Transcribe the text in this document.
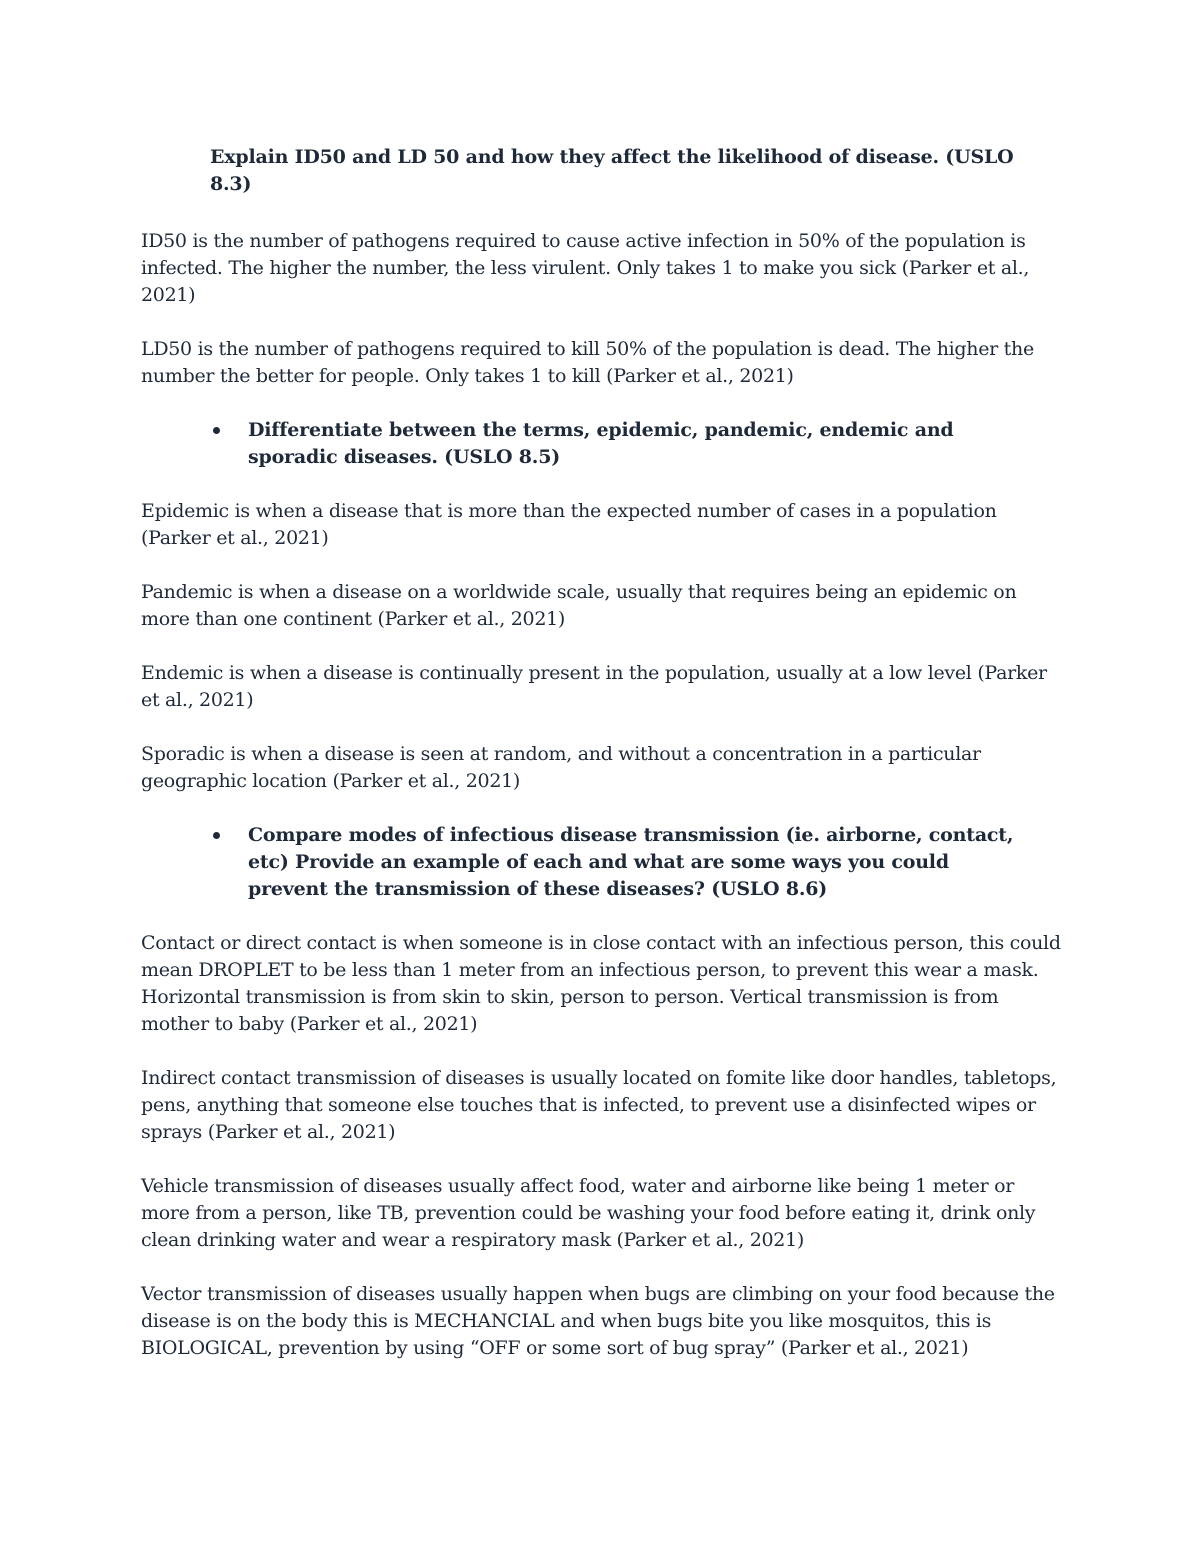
Explain ID50 and LD 50 and how they affect the likelihood of disease. (USLO 8.3)

ID50 is the number of pathogens required to cause active infection in 50% of the population is infected. The higher the number, the less virulent. Only takes 1 to make you sick (Parker et al., 2021)

LD50 is the number of pathogens required to kill 50% of the population is dead. The higher the number the better for people. Only takes 1 to kill (Parker et al., 2021)

Differentiate between the terms, epidemic, pandemic, endemic and sporadic diseases. (USLO 8.5)

Epidemic is when a disease that is more than the expected number of cases in a population (Parker et al., 2021)

Pandemic is when a disease on a worldwide scale, usually that requires being an epidemic on more than one continent (Parker et al., 2021)

Endemic is when a disease is continually present in the population, usually at a low level (Parker et al., 2021)

Sporadic is when a disease is seen at random, and without a concentration in a particular geographic location (Parker et al., 2021)

Compare modes of infectious disease transmission (ie. airborne, contact, etc) Provide an example of each and what are some ways you could prevent the transmission of these diseases? (USLO 8.6)

Contact or direct contact is when someone is in close contact with an infectious person, this could mean DROPLET to be less than 1 meter from an infectious person, to prevent this wear a mask. Horizontal transmission is from skin to skin, person to person. Vertical transmission is from mother to baby (Parker et al., 2021)

Indirect contact transmission of diseases is usually located on fomite like door handles, tabletops, pens, anything that someone else touches that is infected, to prevent use a disinfected wipes or sprays (Parker et al., 2021)

Vehicle transmission of diseases usually affect food, water and airborne like being 1 meter or more from a person, like TB, prevention could be washing your food before eating it, drink only clean drinking water and wear a respiratory mask (Parker et al., 2021)

Vector transmission of diseases usually happen when bugs are climbing on your food because the disease is on the body this is MECHANCIAL and when bugs bite you like mosquitos, this is BIOLOGICAL, prevention by using “OFF or some sort of bug spray” (Parker et al., 2021)
